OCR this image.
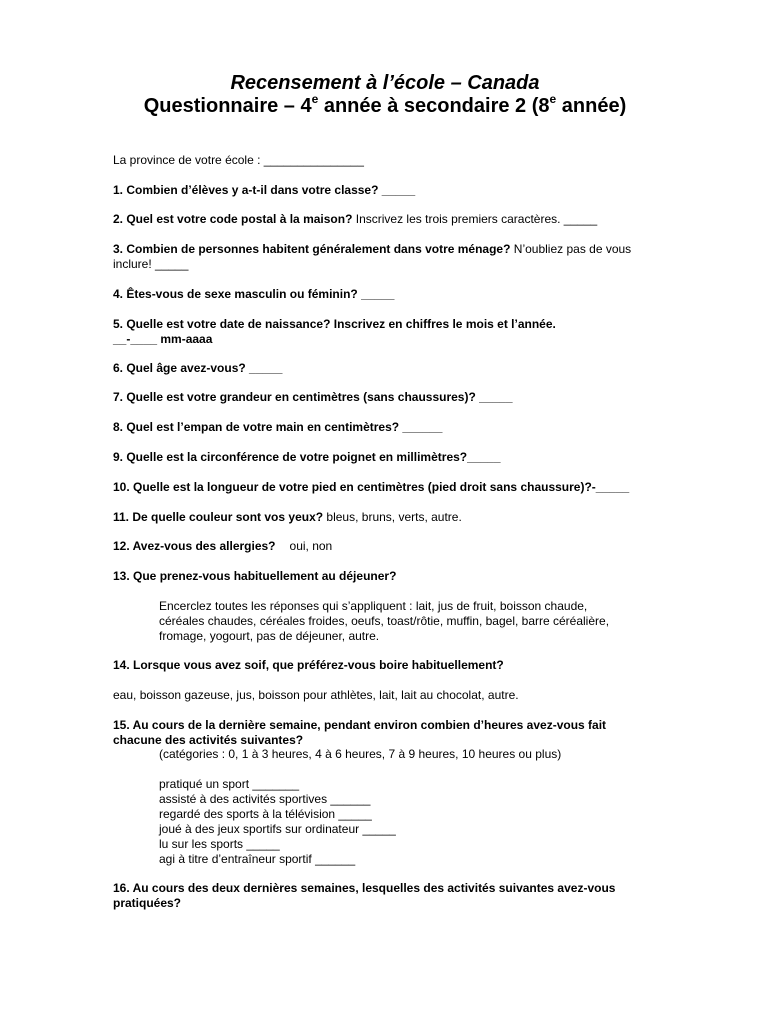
Recensement à l’école – Canada
Questionnaire – 4e année à secondaire 2 (8e année)
La province de votre école : _______________
1. Combien d’élèves y a-t-il dans votre classe? _____
2. Quel est votre code postal à la maison? Inscrivez les trois premiers caractères. _____
3. Combien de personnes habitent généralement dans votre ménage? N’oubliez pas de vous
inclure! _____
4. Êtes-vous de sexe masculin ou féminin? _____
5. Quelle est votre date de naissance? Inscrivez en chiffres le mois et l’année.
__-____ mm-aaaa
6. Quel âge avez-vous? _____
7. Quelle est votre grandeur en centimètres (sans chaussures)? _____
8. Quel est l’empan de votre main en centimètres? ______
9. Quelle est la circonférence de votre poignet en millimètres?_____
10. Quelle est la longueur de votre pied en centimètres (pied droit sans chaussure)?-_____
11. De quelle couleur sont vos yeux? bleus, bruns, verts, autre.
12. Avez-vous des allergies? oui, non
13. Que prenez-vous habituellement au déjeuner?
Encerclez toutes les réponses qui s’appliquent : lait, jus de fruit, boisson chaude,
céréales chaudes, céréales froides, oeufs, toast/rôtie, muffin, bagel, barre céréalière,
fromage, yogourt, pas de déjeuner, autre.
14. Lorsque vous avez soif, que préférez-vous boire habituellement?
eau, boisson gazeuse, jus, boisson pour athlètes, lait, lait au chocolat, autre.
15. Au cours de la dernière semaine, pendant environ combien d’heures avez-vous fait
chacune des activités suivantes?
(catégories : 0, 1 à 3 heures, 4 à 6 heures, 7 à 9 heures, 10 heures ou plus)
pratiqué un sport _______
assisté à des activités sportives ______
regardé des sports à la télévision _____
joué à des jeux sportifs sur ordinateur _____
lu sur les sports _____
agi à titre d’entraîneur sportif ______
16. Au cours des deux dernières semaines, lesquelles des activités suivantes avez-vous
pratiquées?
